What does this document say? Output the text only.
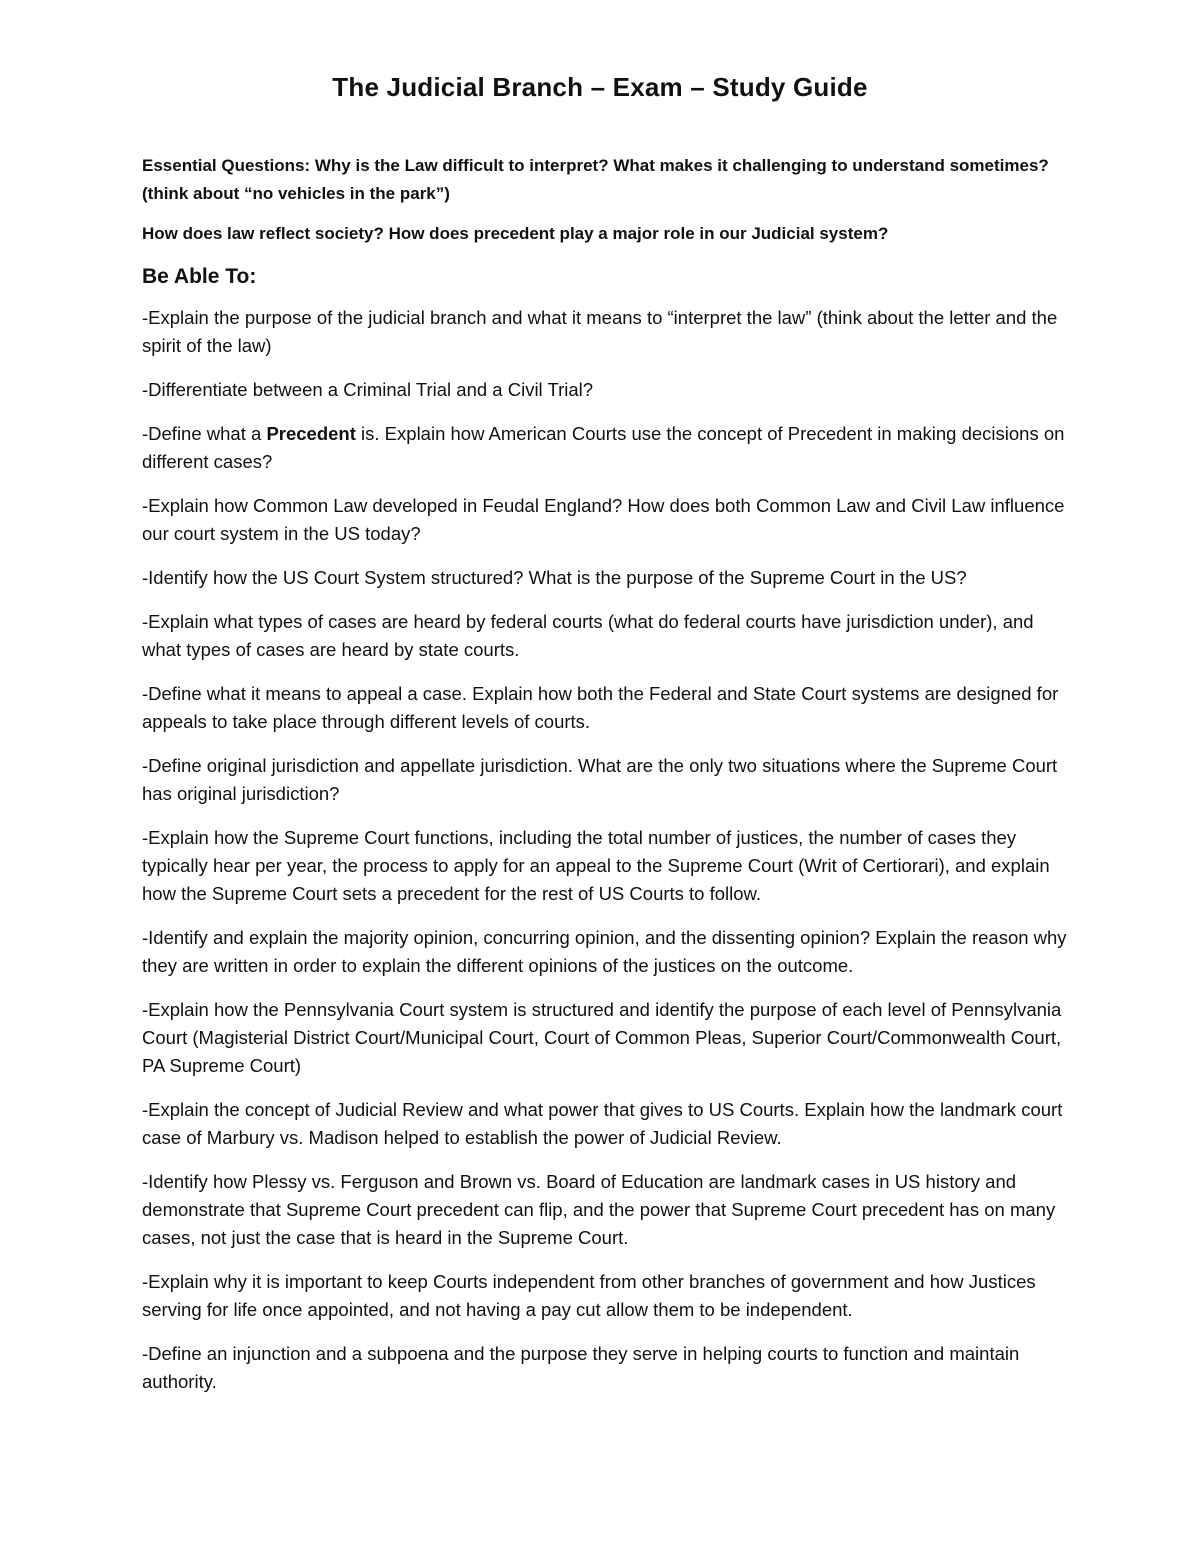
The Judicial Branch – Exam – Study Guide

Essential Questions: Why is the Law difficult to interpret? What makes it challenging to understand sometimes? (think about “no vehicles in the park”)

How does law reflect society? How does precedent play a major role in our Judicial system?

Be Able To:

-Explain the purpose of the judicial branch and what it means to “interpret the law” (think about the letter and the spirit of the law)

-Differentiate between a Criminal Trial and a Civil Trial?

-Define what a Precedent is. Explain how American Courts use the concept of Precedent in making decisions on different cases?

-Explain how Common Law developed in Feudal England? How does both Common Law and Civil Law influence our court system in the US today?

-Identify how the US Court System structured? What is the purpose of the Supreme Court in the US?

-Explain what types of cases are heard by federal courts (what do federal courts have jurisdiction under), and what types of cases are heard by state courts.

-Define what it means to appeal a case. Explain how both the Federal and State Court systems are designed for appeals to take place through different levels of courts.

-Define original jurisdiction and appellate jurisdiction. What are the only two situations where the Supreme Court has original jurisdiction?

-Explain how the Supreme Court functions, including the total number of justices, the number of cases they typically hear per year, the process to apply for an appeal to the Supreme Court (Writ of Certiorari), and explain how the Supreme Court sets a precedent for the rest of US Courts to follow.

-Identify and explain the majority opinion, concurring opinion, and the dissenting opinion? Explain the reason why they are written in order to explain the different opinions of the justices on the outcome.

-Explain how the Pennsylvania Court system is structured and identify the purpose of each level of Pennsylvania Court (Magisterial District Court/Municipal Court, Court of Common Pleas, Superior Court/Commonwealth Court, PA Supreme Court)

-Explain the concept of Judicial Review and what power that gives to US Courts. Explain how the landmark court case of Marbury vs. Madison helped to establish the power of Judicial Review.

-Identify how Plessy vs. Ferguson and Brown vs. Board of Education are landmark cases in US history and demonstrate that Supreme Court precedent can flip, and the power that Supreme Court precedent has on many cases, not just the case that is heard in the Supreme Court.

-Explain why it is important to keep Courts independent from other branches of government and how Justices serving for life once appointed, and not having a pay cut allow them to be independent.

-Define an injunction and a subpoena and the purpose they serve in helping courts to function and maintain authority.
